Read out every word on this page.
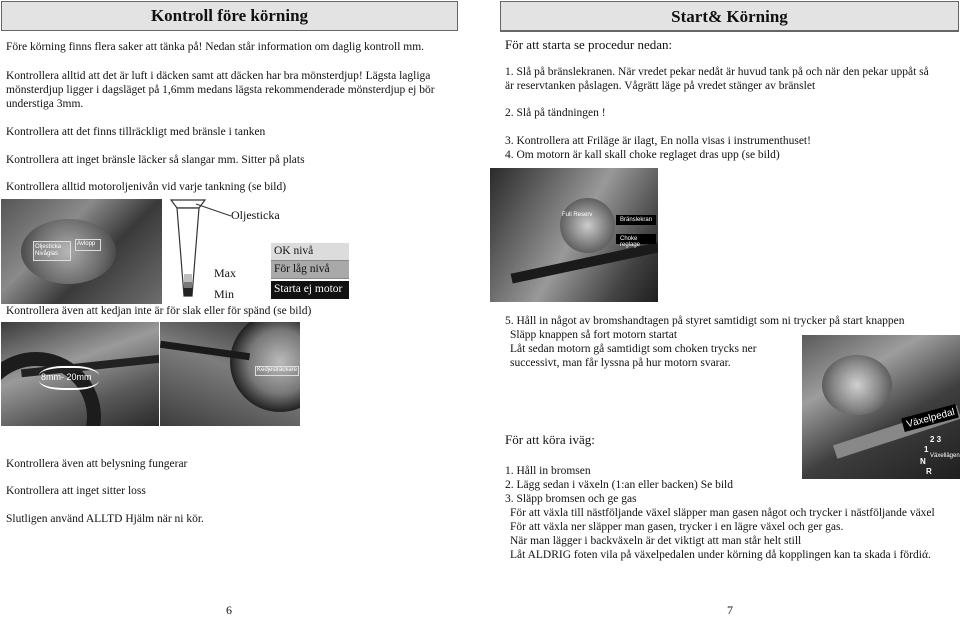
Kontroll före körning
Före körning finns flera saker att tänka på! Nedan står information om daglig kontroll mm.
Kontrollera alltid att det är luft i däcken samt att däcken har bra mönsterdjup! Lägsta lagliga
mönsterdjup ligger i dagsläget på 1,6mm medans lägsta rekommenderade mönsterdjup ej bör
understiga 3mm.
Kontrollera att det finns tillräckligt med bränsle i tanken
Kontrollera att inget bränsle läcker så slangar mm. Sitter på plats
Kontrollera alltid motoroljenivån vid varje tankning (se bild)
Oljesticka
Nivåglas
Avlopp
Oljesticka
Max
Min
OK nivå
För låg nivå
Starta ej motor
Kontrollera även att kedjan inte är för slak eller för spänd (se bild)
8mm- 20mm
Kedjesträckare
Kontrollera även att belysning fungerar
Kontrollera att inget sitter loss
Slutligen använd ALLTD Hjälm när ni kör.
6
Start& Körning
För att starta se procedur nedan:
1. Slå på bränslekranen. När vredet pekar nedåt är huvud tank på och när den pekar uppåt så
är reservtanken påslagen. Vågrätt läge på vredet stänger av bränslet
2. Slå på tändningen !
3. Kontrollera att Friläge är ilagt, En nolla visas i instrumenthuset!
4. Om motorn är kall skall choke reglaget dras upp (se bild)
Full Reserv
Bränslekran
Choke reglage
5. Håll in något av bromshandtagen på styret samtidigt som ni trycker på start knappen
Släpp knappen så fort motorn startat
Låt sedan motorn gå samtidigt som choken trycks ner
successivt, man får lyssna på hur motorn svarar.
Växelpedal
2 3
1
N
R
Växellägen
För att köra iväg:
1. Håll in bromsen
2. Lägg sedan i växeln (1:an eller backen) Se bild
3. Släpp bromsen och ge gas
För att växla till nästföljande växel släpper man gasen något och trycker i nästföljande växel
För att växla ner släpper man gasen, trycker i en lägre växel och ger gas.
När man lägger i backväxeln är det viktigt att man står helt still
Låt ALDRIG foten vila på växelpedalen under körning då kopplingen kan ta skada i fördiά.
7
